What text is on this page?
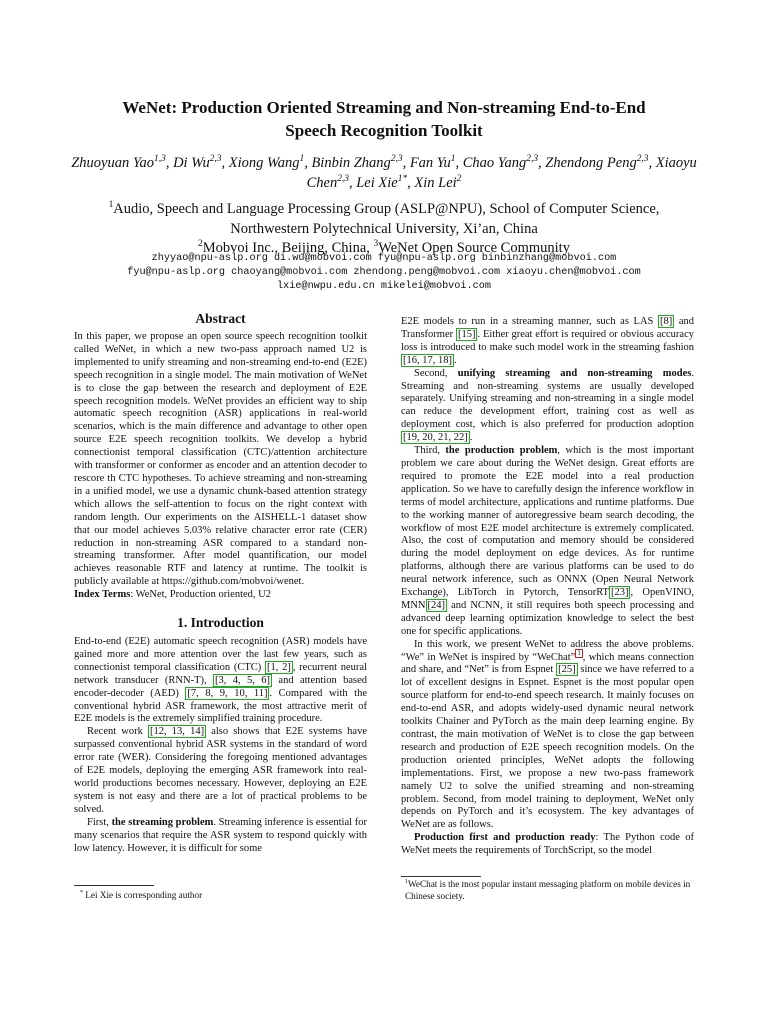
WeNet: Production Oriented Streaming and Non-streaming End-to-End
Speech Recognition Toolkit
Zhuoyuan Yao$^{1,3}$, Di Wu$^{2,3}$, Xiong Wang$^1$, Binbin Zhang$^{2,3}$, Fan Yu$^1$, Chao Yang$^{2,3}$, Zhendong Peng$^{2,3}$, Xiaoyu Chen$^{2,3}$, Lei Xie$^{1*}$, Xin Lei$^2$
$^1$Audio, Speech and Language Processing Group (ASLP@NPU), School of Computer Science,
Northwestern Polytechnical University, Xi’an, China
$^2$Mobvoi Inc., Beijing, China, $^3$WeNet Open Source Community
zhyyao@npu-aslp.org di.wu@mobvoi.com fyu@npu-aslp.org binbinzhang@mobvoi.com
fyu@npu-aslp.org chaoyang@mobvoi.com zhendong.peng@mobvoi.com xiaoyu.chen@mobvoi.com
lxie@nwpu.edu.cn mikelei@mobvoi.com
Abstract

In this paper, we propose an open source speech recognition toolkit called WeNet, in which a new two-pass approach named U2 is implemented to unify streaming and non-streaming end-to-end (E2E) speech recognition in a single model. The main motivation of WeNet is to close the gap between the research and deployment of E2E speech recognition models. WeNet provides an efficient way to ship automatic speech recognition (ASR) applications in real-world scenarios, which is the main difference and advantage to other open source E2E speech recognition toolkits. We develop a hybrid connectionist temporal classification (CTC)/attention architecture with transformer or conformer as encoder and an attention decoder to rescore th CTC hypotheses. To achieve streaming and non-streaming in a unified model, we use a dynamic chunk-based attention strategy which allows the self-attention to focus on the right context with random length. Our experiments on the AISHELL-1 dataset show that our model achieves 5.03% relative character error rate (CER) reduction in non-streaming ASR compared to a standard non-streaming transformer. After model quantification, our model achieves reasonable RTF and latency at runtime. The toolkit is publicly available at https://github.com/mobvoi/wenet.

Index Terms: WeNet, Production oriented, U2

1. Introduction

End-to-end (E2E) automatic speech recognition (ASR) models have gained more and more attention over the last few years, such as connectionist temporal classification (CTC) [1, 2] , recurrent neural network transducer (RNN-T), [3, 4, 5, 6] and attention based encoder-decoder (AED) [7, 8, 9, 10, 11] . Compared with the conventional hybrid ASR framework, the most attractive merit of E2E models is the extremely simplified training procedure.

Recent work [12, 13, 14] also shows that E2E systems have surpassed conventional hybrid ASR systems in the standard of word error rate (WER). Considering the foregoing mentioned advantages of E2E models, deploying the emerging ASR framework into real-world productions becomes necessary. However, deploying an E2E system is not easy and there are a lot of practical problems to be solved.

First, the streaming problem. Streaming inference is essential for many scenarios that require the ASR system to respond quickly with low latency. However, it is difficult for some

E2E models to run in a streaming manner, such as LAS [8] and Transformer [15] . Either great effort is required or obvious accuracy loss is introduced to make such model work in the streaming fashion [16, 17, 18] .

Second, unifying streaming and non-streaming modes. Streaming and non-streaming systems are usually developed separately. Unifying streaming and non-streaming in a single model can reduce the development effort, training cost as well as deployment cost, which is also preferred for production adoption [19, 20, 21, 22] .

Third, the production problem, which is the most important problem we care about during the WeNet design. Great efforts are required to promote the E2E model into a real production application. So we have to carefully design the inference workflow in terms of model architecture, applications and runtime platforms. Due to the working manner of autoregressive beam search decoding, the workflow of most E2E model architecture is extremely complicated. Also, the cost of computation and memory should be considered during the model deployment on edge devices. As for runtime platforms, although there are various platforms can be used to do neural network inference, such as ONNX (Open Neural Network Exchange), LibTorch in Pytorch, TensorRT [23] , OpenVINO, MNN [24] and NCNN, it still requires both speech processing and advanced deep learning optimization knowledge to select the best one for specific applications.

In this work, we present WeNet to address the above problems. “We” in WeNet is inspired by “WeChat” $^1$ , which means connection and share, and “Net” is from Espnet [25] since we have referred to a lot of excellent designs in Espnet. Espnet is the most popular open source platform for end-to-end speech research. It mainly focuses on end-to-end ASR, and adopts widely-used dynamic neural network toolkits Chainer and PyTorch as the main deep learning engine. By contrast, the main motivation of WeNet is to close the gap between research and production of E2E speech recognition models. On the production oriented principles, WeNet adopts the following implementations. First, we propose a new two-pass framework namely U2 to solve the unified streaming and non-streaming problem. Second, from model training to deployment, WeNet only depends on PyTorch and it’s ecosystem. The key advantages of WeNet are as follows.

Production first and production ready: The Python code of WeNet meets the requirements of TorchScript, so the model

* Lei Xie is corresponding author
$^1$WeChat is the most popular instant messaging platform on mobile devices in Chinese society.
